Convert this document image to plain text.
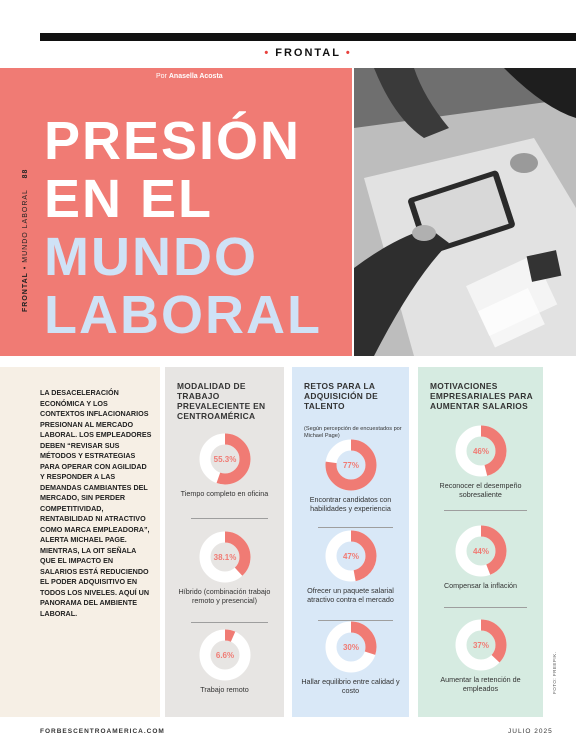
• FRONTAL •
Por Anasella Acosta
PRESIÓN
EN EL
MUNDO
LABORAL
FRONTAL • MUNDO LABORAL 88
LA DESACELERACIÓN ECONÓMICA Y LOS CONTEXTOS INFLACIONARIOS PRESIONAN AL MERCADO LABORAL. LOS EMPLEADORES DEBEN “REVISAR SUS MÉTODOS Y ESTRATEGIAS PARA OPERAR CON AGILIDAD Y RESPONDER A LAS DEMANDAS CAMBIANTES DEL MERCADO, SIN PERDER COMPETITIVIDAD, RENTABILIDAD NI ATRACTIVO COMO MARCA EMPLEADORA”, ALERTA MICHAEL PAGE. MIENTRAS, LA OIT SEÑALA QUE EL IMPACTO EN SALARIOS ESTÁ REDUCIENDO EL PODER ADQUISITIVO EN TODOS LOS NIVELES. AQUÍ UN PANORAMA DEL AMBIENTE LABORAL.
MODALIDAD DE TRABAJO PREVALECIENTE EN CENTROAMÉRICA
55.3%
Tiempo completo en oficina
38.1%
Híbrido (combinación trabajo remoto y presencial)
6.6%
Trabajo remoto
RETOS PARA LA ADQUISICIÓN DE TALENTO
(Según percepción de encuestados por Michael Page)
77%
Encontrar candidatos con habilidades y experiencia
47%
Ofrecer un paquete salarial atractivo contra el mercado
30%
Hallar equilibrio entre calidad y costo
MOTIVACIONES EMPRESARIALES PARA AUMENTAR SALARIOS
46%
Reconocer el desempeño sobresaliente
44%
Compensar la inflación
37%
Aumentar la retención de empleados	FOTO: FREEPIK.
FORBESCENTROAMERICA.COM	JULIO 2025
